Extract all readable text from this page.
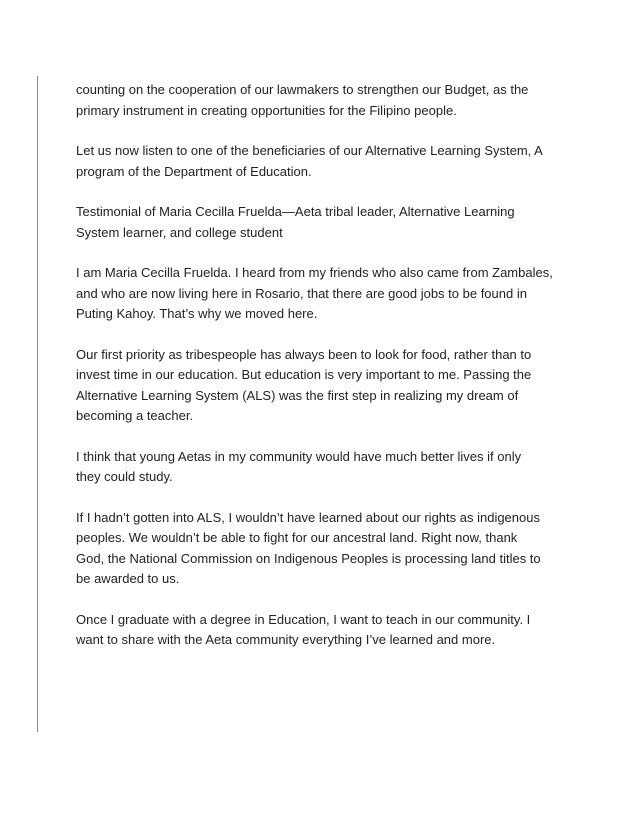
counting on the cooperation of our lawmakers to strengthen our Budget, as the
primary instrument in creating opportunities for the Filipino people.

Let us now listen to one of the beneficiaries of our Alternative Learning System, A
program of the Department of Education.

Testimonial of Maria Cecilla Fruelda—Aeta tribal leader, Alternative Learning
System learner, and college student

I am Maria Cecilla Fruelda. I heard from my friends who also came from Zambales,
and who are now living here in Rosario, that there are good jobs to be found in
Puting Kahoy. That’s why we moved here.

Our first priority as tribespeople has always been to look for food, rather than to
invest time in our education. But education is very important to me. Passing the
Alternative Learning System (ALS) was the first step in realizing my dream of
becoming a teacher.

I think that young Aetas in my community would have much better lives if only
they could study.

If I hadn’t gotten into ALS, I wouldn’t have learned about our rights as indigenous
peoples. We wouldn’t be able to fight for our ancestral land. Right now, thank
God, the National Commission on Indigenous Peoples is processing land titles to
be awarded to us.

Once I graduate with a degree in Education, I want to teach in our community. I
want to share with the Aeta community everything I’ve learned and more.
